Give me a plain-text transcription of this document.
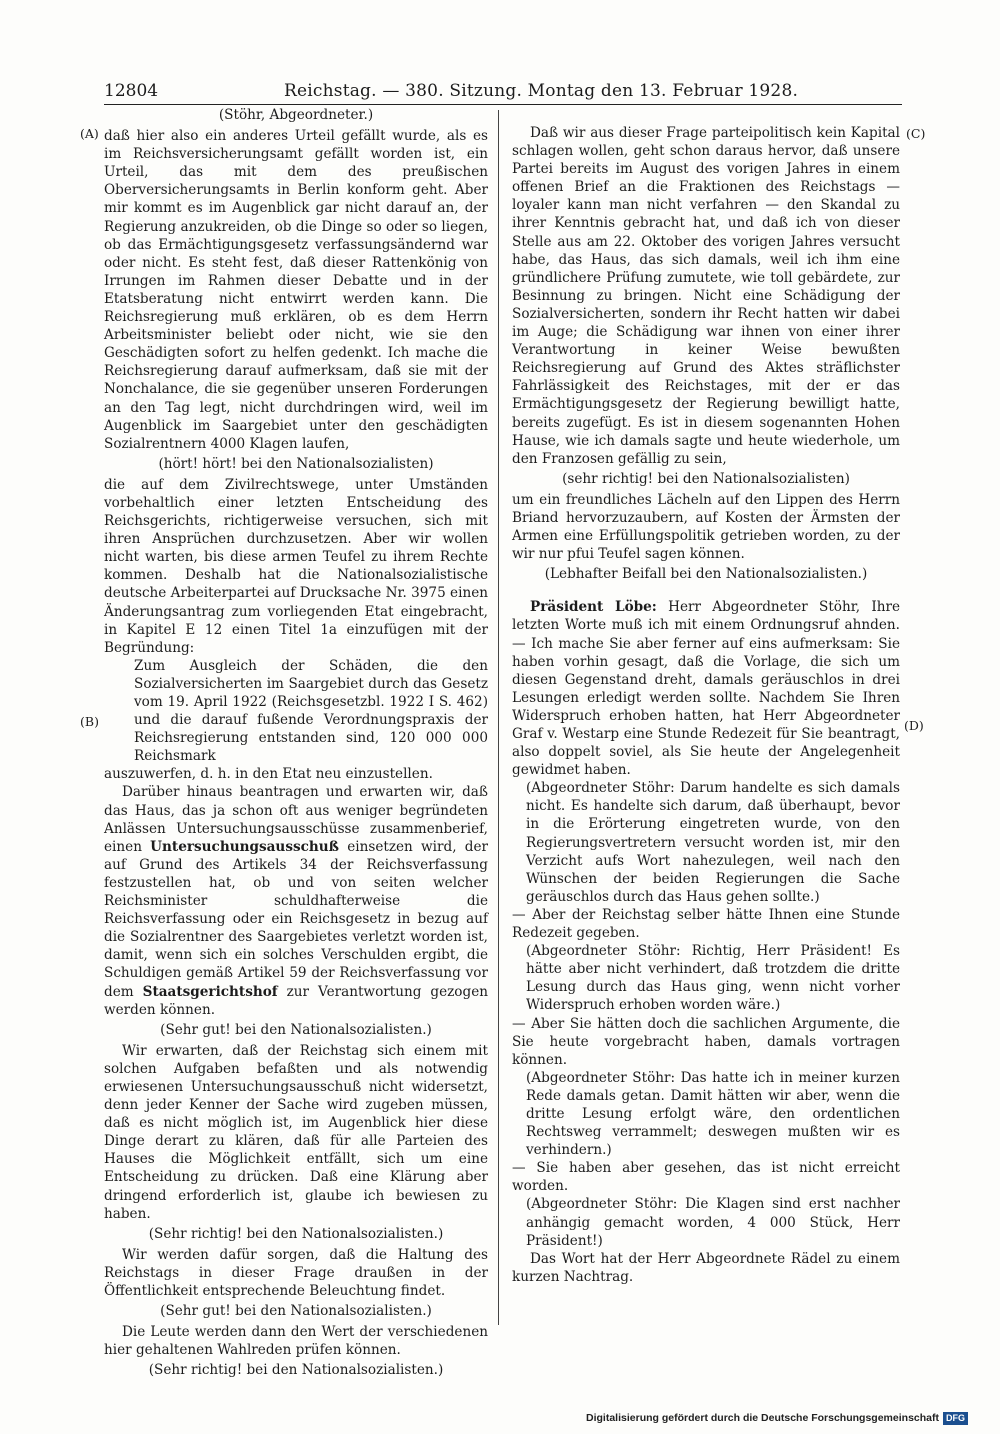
12804	Reichstag. — 380. Sitzung. Montag den 13. Februar 1928.
(A)
(B)
(C)
(D)

(Stöhr, Abgeordneter.)

daß hier also ein anderes Urteil gefällt wurde, als es im Reichsversicherungsamt gefällt worden ist, ein Urteil, das mit dem des preußischen Oberversicherungsamts in Berlin konform geht. Aber mir kommt es im Augenblick gar nicht darauf an, der Regierung anzukreiden, ob die Dinge so oder so liegen, ob das Ermächtigungsgesetz verfassungsändernd war oder nicht. Es steht fest, daß dieser Rattenkönig von Irrungen im Rahmen dieser Debatte und in der Etatsberatung nicht entwirrt werden kann. Die Reichsregierung muß erklären, ob es dem Herrn Arbeitsminister beliebt oder nicht, wie sie den Geschädigten sofort zu helfen gedenkt. Ich mache die Reichsregierung darauf aufmerksam, daß sie mit der Nonchalance, die sie gegenüber unseren Forderungen an den Tag legt, nicht durchdringen wird, weil im Augenblick im Saargebiet unter den geschädigten Sozialrentnern 4000 Klagen laufen,

(hört! hört! bei den Nationalsozialisten)

die auf dem Zivilrechtswege, unter Umständen vorbehaltlich einer letzten Entscheidung des Reichsgerichts, richtigerweise versuchen, sich mit ihren Ansprüchen durchzusetzen. Aber wir wollen nicht warten, bis diese armen Teufel zu ihrem Rechte kommen. Deshalb hat die Nationalsozialistische deutsche Arbeiterpartei auf Drucksache Nr. 3975 einen Änderungsantrag zum vorliegenden Etat eingebracht, in Kapitel E 12 einen Titel 1a einzufügen mit der Begründung:

Zum Ausgleich der Schäden, die den Sozialversicherten im Saargebiet durch das Gesetz vom 19. April 1922 (Reichsgesetzbl. 1922 I S. 462) und die darauf fußende Verordnungspraxis der Reichsregierung entstanden sind, 120 000 000 Reichsmark

auszuwerfen, d. h. in den Etat neu einzustellen.

Darüber hinaus beantragen und erwarten wir, daß das Haus, das ja schon oft aus weniger begründeten Anlässen Untersuchungsausschüsse zusammenberief, einen Untersuchungsausschuß einsetzen wird, der auf Grund des Artikels 34 der Reichsverfassung festzustellen hat, ob und von seiten welcher Reichsminister schuldhafterweise die Reichsverfassung oder ein Reichsgesetz in bezug auf die Sozialrentner des Saargebietes verletzt worden ist, damit, wenn sich ein solches Verschulden ergibt, die Schuldigen gemäß Artikel 59 der Reichsverfassung vor dem Staatsgerichtshof zur Verantwortung gezogen werden können.

(Sehr gut! bei den Nationalsozialisten.)

Wir erwarten, daß der Reichstag sich einem mit solchen Aufgaben befaßten und als notwendig erwiesenen Untersuchungsausschuß nicht widersetzt, denn jeder Kenner der Sache wird zugeben müssen, daß es nicht möglich ist, im Augenblick hier diese Dinge derart zu klären, daß für alle Parteien des Hauses die Möglichkeit entfällt, sich um eine Entscheidung zu drücken. Daß eine Klärung aber dringend erforderlich ist, glaube ich bewiesen zu haben.

(Sehr richtig! bei den Nationalsozialisten.)

Wir werden dafür sorgen, daß die Haltung des Reichstags in dieser Frage draußen in der Öffentlichkeit entsprechende Beleuchtung findet.

(Sehr gut! bei den Nationalsozialisten.)

Die Leute werden dann den Wert der verschiedenen hier gehaltenen Wahlreden prüfen können.

(Sehr richtig! bei den Nationalsozialisten.)

Daß wir aus dieser Frage parteipolitisch kein Kapital schlagen wollen, geht schon daraus hervor, daß unsere Partei bereits im August des vorigen Jahres in einem offenen Brief an die Fraktionen des Reichstags — loyaler kann man nicht verfahren — den Skandal zu ihrer Kenntnis gebracht hat, und daß ich von dieser Stelle aus am 22. Oktober des vorigen Jahres versucht habe, das Haus, das sich damals, weil ich ihm eine gründlichere Prüfung zumutete, wie toll gebärdete, zur Besinnung zu bringen. Nicht eine Schädigung der Sozialversicherten, sondern ihr Recht hatten wir dabei im Auge; die Schädigung war ihnen von einer ihrer Verantwortung in keiner Weise bewußten Reichsregierung auf Grund des Aktes sträflichster Fahrlässigkeit des Reichstages, mit der er das Ermächtigungsgesetz der Regierung bewilligt hatte, bereits zugefügt. Es ist in diesem sogenannten Hohen Hause, wie ich damals sagte und heute wiederhole, um den Franzosen gefällig zu sein,

(sehr richtig! bei den Nationalsozialisten)

um ein freundliches Lächeln auf den Lippen des Herrn Briand hervorzuzaubern, auf Kosten der Ärmsten der Armen eine Erfüllungspolitik getrieben worden, zu der wir nur pfui Teufel sagen können.

(Lebhafter Beifall bei den Nationalsozialisten.)

Präsident Löbe: Herr Abgeordneter Stöhr, Ihre letzten Worte muß ich mit einem Ordnungsruf ahnden. — Ich mache Sie aber ferner auf eins aufmerksam: Sie haben vorhin gesagt, daß die Vorlage, die sich um diesen Gegenstand dreht, damals geräuschlos in drei Lesungen erledigt werden sollte. Nachdem Sie Ihren Widerspruch erhoben hatten, hat Herr Abgeordneter Graf v. Westarp eine Stunde Redezeit für Sie beantragt, also doppelt soviel, als Sie heute der Angelegenheit gewidmet haben.

(Abgeordneter Stöhr: Darum handelte es sich damals nicht. Es handelte sich darum, daß überhaupt, bevor in die Erörterung eingetreten wurde, von den Regierungsvertretern versucht worden ist, mir den Verzicht aufs Wort nahezulegen, weil nach den Wünschen der beiden Regierungen die Sache geräuschlos durch das Haus gehen sollte.)

— Aber der Reichstag selber hätte Ihnen eine Stunde Redezeit gegeben.

(Abgeordneter Stöhr: Richtig, Herr Präsident! Es hätte aber nicht verhindert, daß trotzdem die dritte Lesung durch das Haus ging, wenn nicht vorher Widerspruch erhoben worden wäre.)

— Aber Sie hätten doch die sachlichen Argumente, die Sie heute vorgebracht haben, damals vortragen können.

(Abgeordneter Stöhr: Das hatte ich in meiner kurzen Rede damals getan. Damit hätten wir aber, wenn die dritte Lesung erfolgt wäre, den ordentlichen Rechtsweg verrammelt; deswegen mußten wir es verhindern.)

— Sie haben aber gesehen, das ist nicht erreicht worden.

(Abgeordneter Stöhr: Die Klagen sind erst nachher anhängig gemacht worden, 4 000 Stück, Herr Präsident!)

Das Wort hat der Herr Abgeordnete Rädel zu einem kurzen Nachtrag.

Digitalisierung gefördert durch die Deutsche Forschungsgemeinschaft DFG
